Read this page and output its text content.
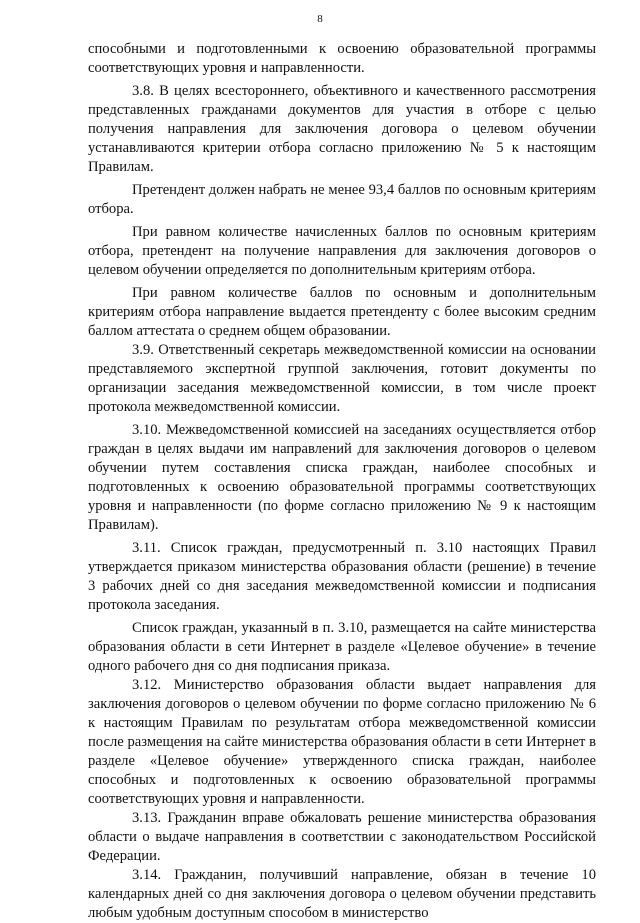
8

способными и подготовленными к освоению образовательной программы соответствующих уровня и направленности.

3.8. В целях всестороннего, объективного и качественного рассмотрения представленных гражданами документов для участия в отборе с целью получения направления для заключения договора о целевом обучении устанавливаются критерии отбора согласно приложению № 5 к настоящим Правилам.

Претендент должен набрать не менее 93,4 баллов по основным критериям отбора.

При равном количестве начисленных баллов по основным критериям отбора, претендент на получение направления для заключения договоров о целевом обучении определяется по дополнительным критериям отбора.

При равном количестве баллов по основным и дополнительным критериям отбора направление выдается претенденту с более высоким средним баллом аттестата о среднем общем образовании.

3.9. Ответственный секретарь межведомственной комиссии на основании представляемого экспертной группой заключения, готовит документы по организации заседания межведомственной комиссии, в том числе проект протокола межведомственной комиссии.

3.10. Межведомственной комиссией на заседаниях осуществляется отбор граждан в целях выдачи им направлений для заключения договоров о целевом обучении путем составления списка граждан, наиболее способных и подготовленных к освоению образовательной программы соответствующих уровня и направленности (по форме согласно приложению № 9 к настоящим Правилам).

3.11. Список граждан, предусмотренный п. 3.10 настоящих Правил утверждается приказом министерства образования области (решение) в течение 3 рабочих дней со дня заседания межведомственной комиссии и подписания протокола заседания.

Список граждан, указанный в п. 3.10, размещается на сайте министерства образования области в сети Интернет в разделе «Целевое обучение» в течение одного рабочего дня со дня подписания приказа.

3.12. Министерство образования области выдает направления для заключения договоров о целевом обучении по форме согласно приложению № 6 к настоящим Правилам по результатам отбора межведомственной комиссии после размещения на сайте министерства образования области в сети Интернет в разделе «Целевое обучение» утвержденного списка граждан, наиболее способных и подготовленных к освоению образовательной программы соответствующих уровня и направленности.

3.13. Гражданин вправе обжаловать решение министерства образования области о выдаче направления в соответствии с законодательством Российской Федерации.

3.14. Гражданин, получивший направление, обязан в течение 10 календарных дней со дня заключения договора о целевом обучении представить любым удобным доступным способом в министерство
